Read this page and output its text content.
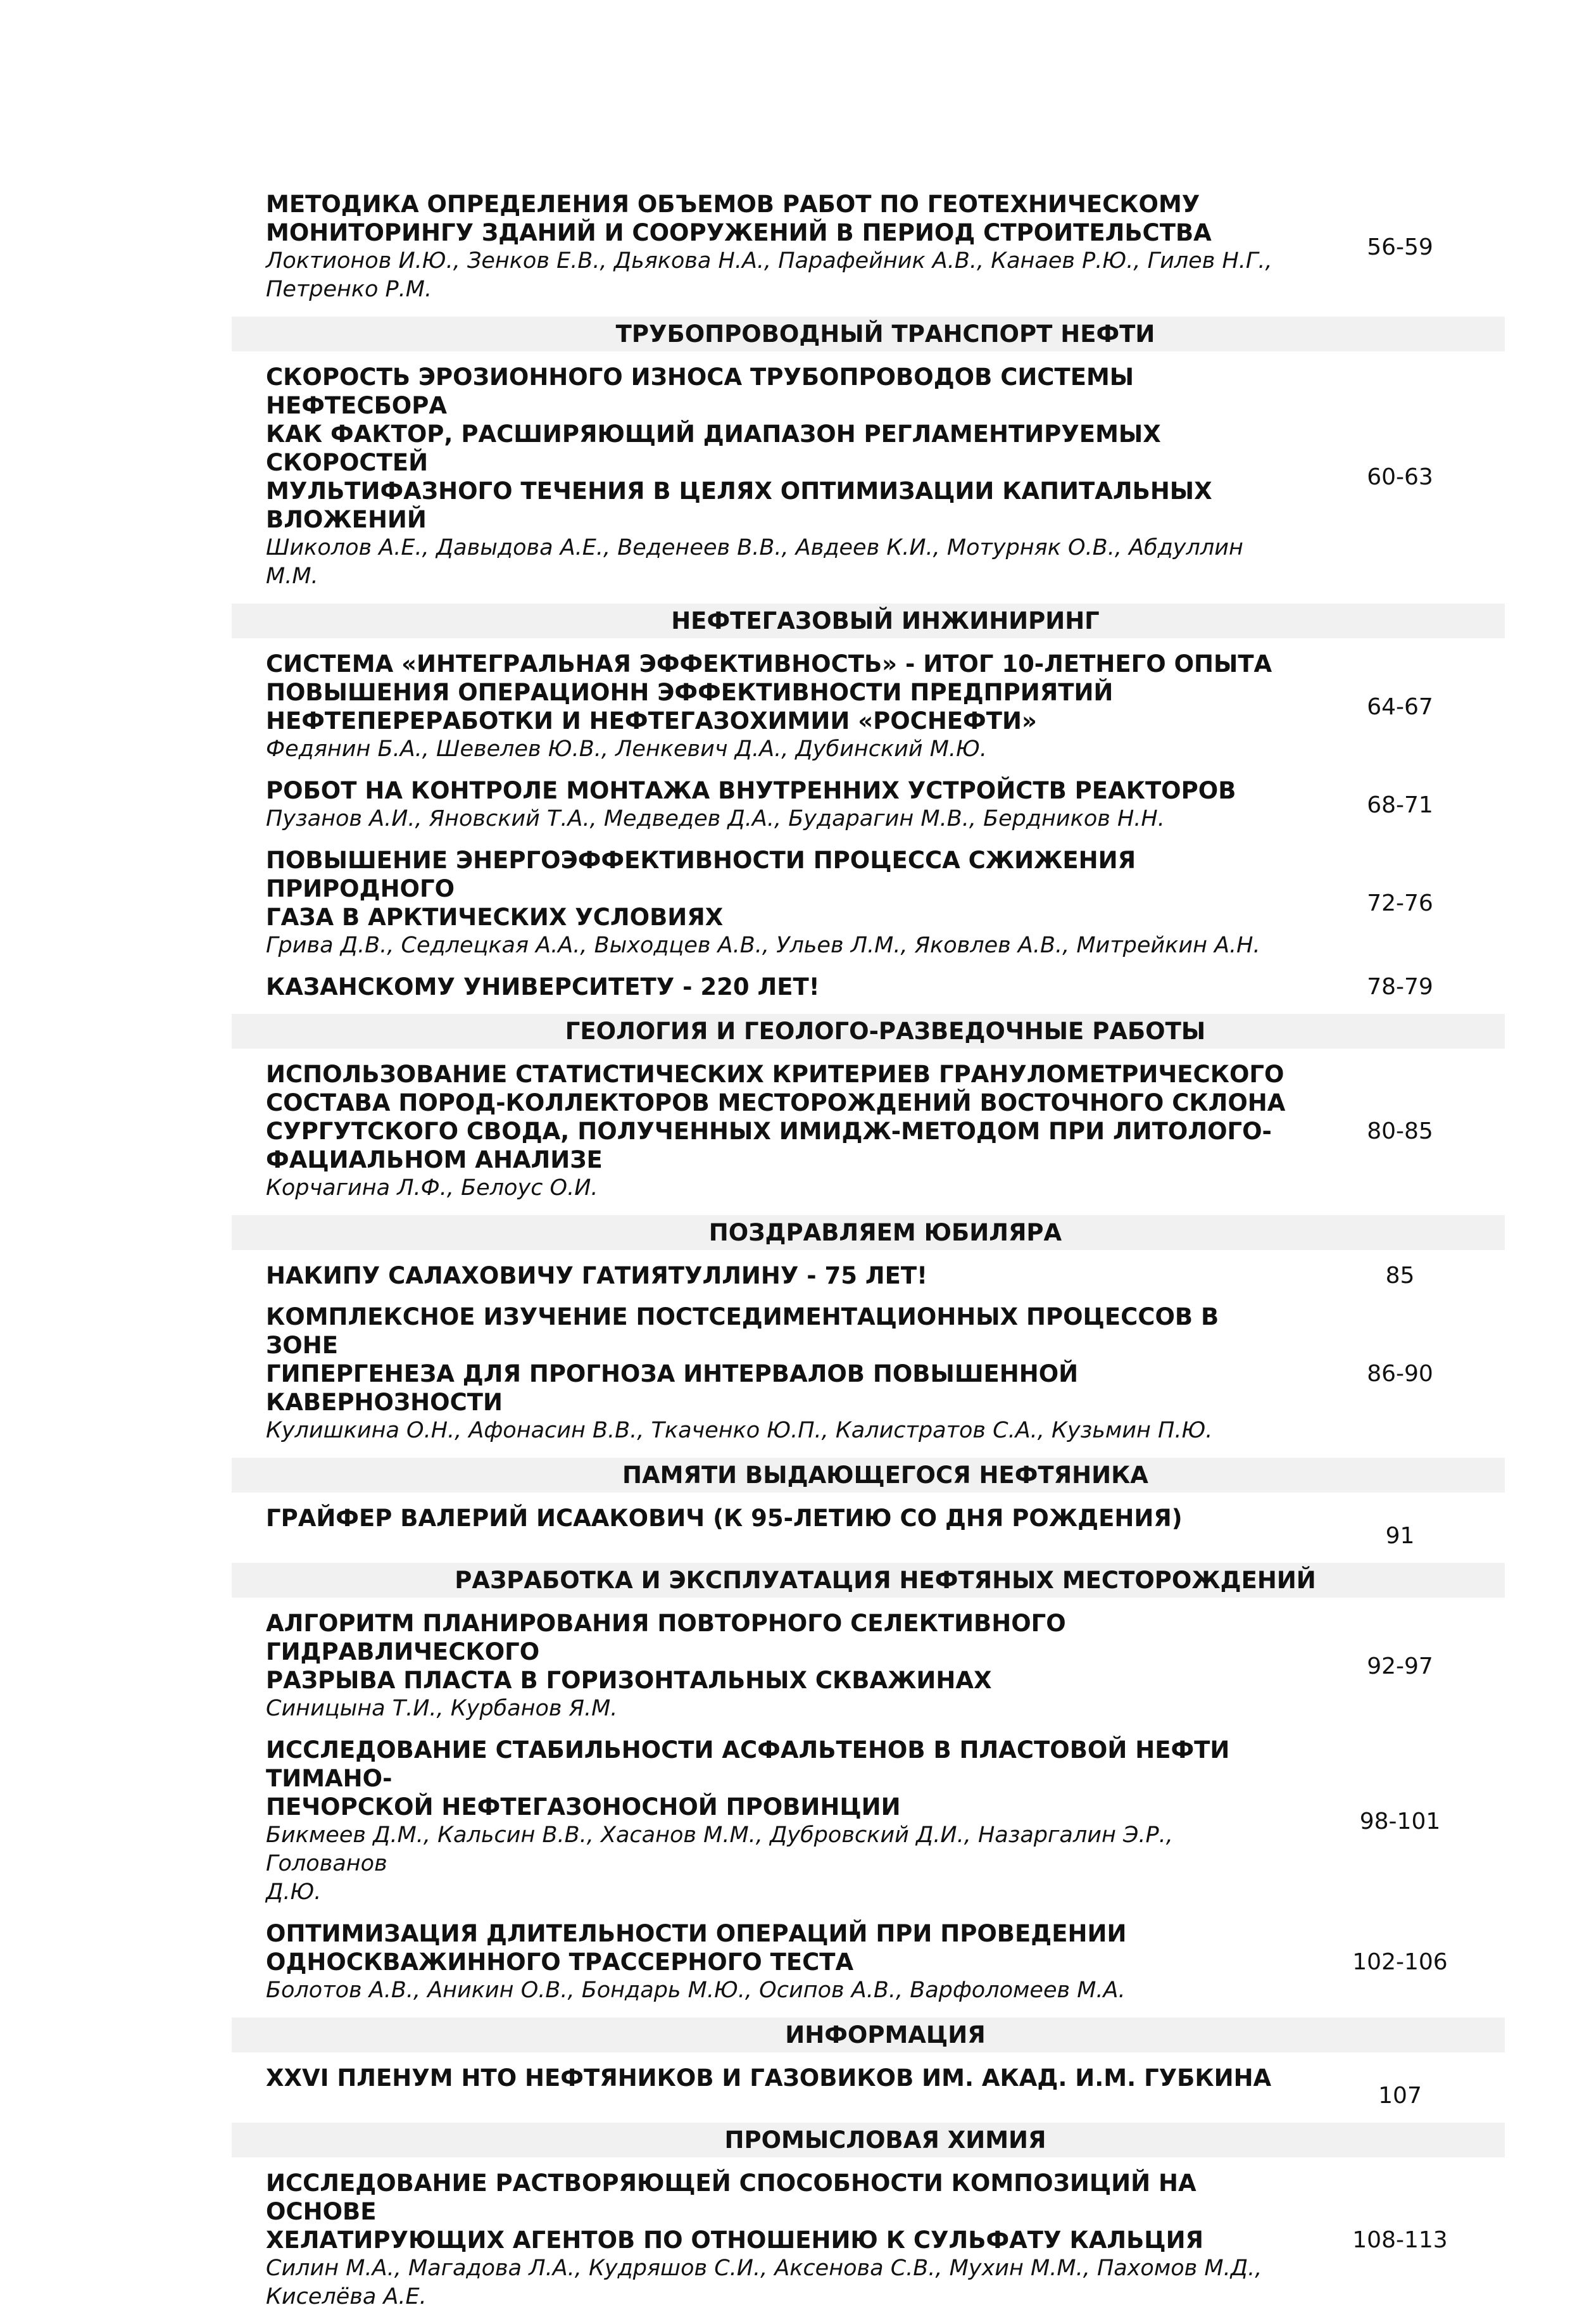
МЕТОДИКА ОПРЕДЕЛЕНИЯ ОБЪЕМОВ РАБОТ ПО ГЕОТЕХНИЧЕСКОМУ
МОНИТОРИНГУ ЗДАНИЙ И СООРУЖЕНИЙ В ПЕРИОД СТРОИТЕЛЬСТВА
Локтионов И.Ю., Зенков Е.В., Дьякова Н.А., Парафейник А.В., Канаев Р.Ю., Гилев Н.Г.,
Петренко Р.М.
56-59
ТРУБОПРОВОДНЫЙ ТРАНСПОРТ НЕФТИ
СКОРОСТЬ ЭРОЗИОННОГО ИЗНОСА ТРУБОПРОВОДОВ СИСТЕМЫ НЕФТЕСБОРА
КАК ФАКТОР, РАСШИРЯЮЩИЙ ДИАПАЗОН РЕГЛАМЕНТИРУЕМЫХ СКОРОСТЕЙ
МУЛЬТИФАЗНОГО ТЕЧЕНИЯ В ЦЕЛЯХ ОПТИМИЗАЦИИ КАПИТАЛЬНЫХ
ВЛОЖЕНИЙ
Шиколов А.Е., Давыдова А.Е., Веденеев В.В., Авдеев К.И., Мотурняк О.В., Абдуллин М.М.
60-63
НЕФТЕГАЗОВЫЙ ИНЖИНИРИНГ
СИСТЕМА «ИНТЕГРАЛЬНАЯ ЭФФЕКТИВНОСТЬ» - ИТОГ 10-ЛЕТНЕГО ОПЫТА
ПОВЫШЕНИЯ ОПЕРАЦИОНН ЭФФЕКТИВНОСТИ ПРЕДПРИЯТИЙ
НЕФТЕПЕРЕРАБОТКИ И НЕФТЕГАЗОХИМИИ «РОСНЕФТИ»
Федянин Б.А., Шевелев Ю.В., Ленкевич Д.А., Дубинский М.Ю.
64-67
РОБОТ НА КОНТРОЛЕ МОНТАЖА ВНУТРЕННИХ УСТРОЙСТВ РЕАКТОРОВ
Пузанов А.И., Яновский Т.А., Медведев Д.А., Бударагин М.В., Бердников Н.Н.
68-71
ПОВЫШЕНИЕ ЭНЕРГОЭФФЕКТИВНОСТИ ПРОЦЕССА СЖИЖЕНИЯ ПРИРОДНОГО
ГАЗА В АРКТИЧЕСКИХ УСЛОВИЯХ
Грива Д.В., Седлецкая А.А., Выходцев А.В., Ульев Л.М., Яковлев А.В., Митрейкин А.Н.
72-76
КАЗАНСКОМУ УНИВЕРСИТЕТУ - 220 ЛЕТ!	78-79
ГЕОЛОГИЯ И ГЕОЛОГО-РАЗВЕДОЧНЫЕ РАБОТЫ
ИСПОЛЬЗОВАНИЕ СТАТИСТИЧЕСКИХ КРИТЕРИЕВ ГРАНУЛОМЕТРИЧЕСКОГО
СОСТАВА ПОРОД-КОЛЛЕКТОРОВ МЕСТОРОЖДЕНИЙ ВОСТОЧНОГО СКЛОНА
СУРГУТСКОГО СВОДА, ПОЛУЧЕННЫХ ИМИДЖ-МЕТОДОМ ПРИ ЛИТОЛОГО-
ФАЦИАЛЬНОМ АНАЛИЗЕ
Корчагина Л.Ф., Белоус О.И.
80-85
ПОЗДРАВЛЯЕМ ЮБИЛЯРА
НАКИПУ САЛАХОВИЧУ ГАТИЯТУЛЛИНУ - 75 ЛЕТ!	85
КОМПЛЕКСНОЕ ИЗУЧЕНИЕ ПОСТСЕДИМЕНТАЦИОННЫХ ПРОЦЕССОВ В ЗОНЕ
ГИПЕРГЕНЕЗА ДЛЯ ПРОГНОЗА ИНТЕРВАЛОВ ПОВЫШЕННОЙ КАВЕРНОЗНОСТИ
Кулишкина О.Н., Афонасин В.В., Ткаченко Ю.П., Калистратов С.А., Кузьмин П.Ю.
86-90
ПАМЯТИ ВЫДАЮЩЕГОСЯ НЕФТЯНИКА
ГРАЙФЕР ВАЛЕРИЙ ИСААКОВИЧ (К 95-ЛЕТИЮ СО ДНЯ РОЖДЕНИЯ)
91
РАЗРАБОТКА И ЭКСПЛУАТАЦИЯ НЕФТЯНЫХ МЕСТОРОЖДЕНИЙ
АЛГОРИТМ ПЛАНИРОВАНИЯ ПОВТОРНОГО СЕЛЕКТИВНОГО ГИДРАВЛИЧЕСКОГО
РАЗРЫВА ПЛАСТА В ГОРИЗОНТАЛЬНЫХ СКВАЖИНАХ
Синицына Т.И., Курбанов Я.М.
92-97
ИССЛЕДОВАНИЕ СТАБИЛЬНОСТИ АСФАЛЬТЕНОВ В ПЛАСТОВОЙ НЕФТИ ТИМАНО-
ПЕЧОРСКОЙ НЕФТЕГАЗОНОСНОЙ ПРОВИНЦИИ
Бикмеев Д.М., Кальсин В.В., Хасанов М.М., Дубровский Д.И., Назаргалин Э.Р., Голованов
Д.Ю.
98-101
ОПТИМИЗАЦИЯ ДЛИТЕЛЬНОСТИ ОПЕРАЦИЙ ПРИ ПРОВЕДЕНИИ
ОДНОСКВАЖИННОГО ТРАССЕРНОГО ТЕСТА
Болотов А.В., Аникин О.В., Бондарь М.Ю., Осипов А.В., Варфоломеев М.А.
102-106
ИНФОРМАЦИЯ
XXVI ПЛЕНУМ НТО НЕФТЯНИКОВ И ГАЗОВИКОВ ИМ. АКАД. И.М. ГУБКИНА
107
ПРОМЫСЛОВАЯ ХИМИЯ
ИССЛЕДОВАНИЕ РАСТВОРЯЮЩЕЙ СПОСОБНОСТИ КОМПОЗИЦИЙ НА ОСНОВЕ
ХЕЛАТИРУЮЩИХ АГЕНТОВ ПО ОТНОШЕНИЮ К СУЛЬФАТУ КАЛЬЦИЯ
Силин М.А., Магадова Л.А., Кудряшов С.И., Аксенова С.В., Мухин М.М., Пахомов М.Д.,
Киселёва А.Е.
108-113
